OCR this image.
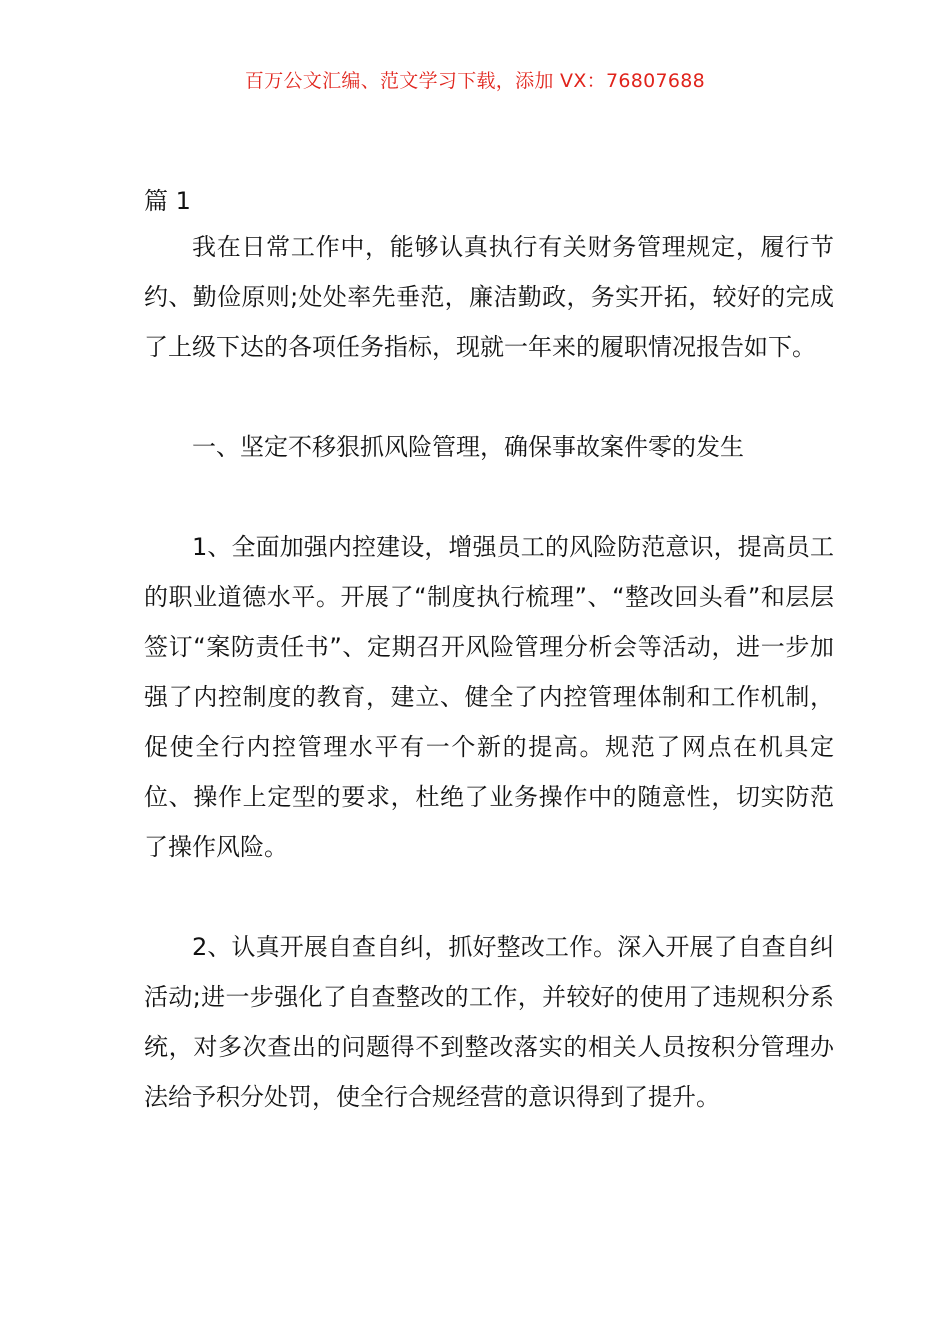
百万公文汇编、范文学习下载，添加 VX：76807688

篇 1

我在日常工作中，能够认真执行有关财务管理规定，履行节约、勤俭原则;处处率先垂范，廉洁勤政，务实开拓，较好的完成了上级下达的各项任务指标，现就一年来的履职情况报告如下。

一、坚定不移狠抓风险管理，确保事故案件零的发生

1、全面加强内控建设，增强员工的风险防范意识，提高员工的职业道德水平。开展了“制度执行梳理”、“整改回头看”和层层签订“案防责任书”、定期召开风险管理分析会等活动，进一步加强了内控制度的教育，建立、健全了内控管理体制和工作机制，促使全行内控管理水平有一个新的提高。规范了网点在机具定位、操作上定型的要求，杜绝了业务操作中的随意性，切实防范了操作风险。

2、认真开展自查自纠，抓好整改工作。深入开展了自查自纠活动;进一步强化了自查整改的工作，并较好的使用了违规积分系统，对多次查出的问题得不到整改落实的相关人员按积分管理办法给予积分处罚，使全行合规经营的意识得到了提升。
